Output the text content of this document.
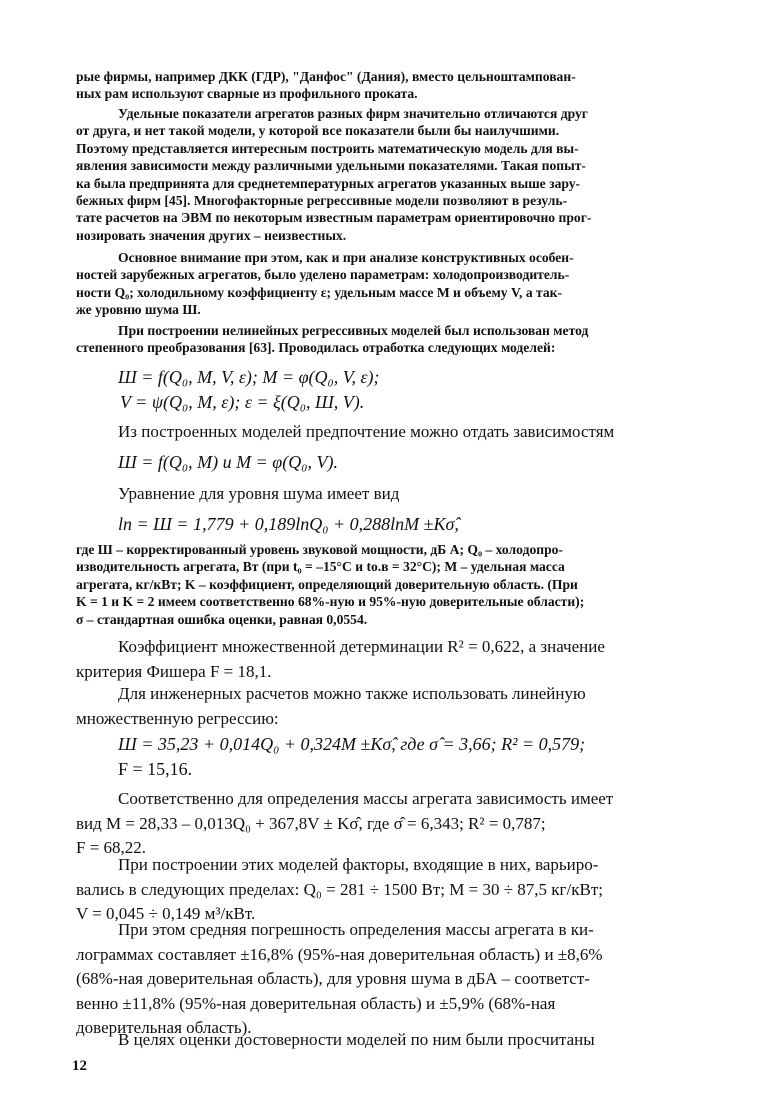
рые фирмы, например ДКК (ГДР), "Данфос" (Дания), вместо цельноштампован-
ных рам используют сварные из профильного проката.

Удельные показатели агрегатов разных фирм значительно отличаются друг
от друга, и нет такой модели, у которой все показатели были бы наилучшими.
Поэтому представляется интересным построить математическую модель для вы-
явления зависимости между различными удельными показателями. Такая попыт-
ка была предпринята для среднетемпературных агрегатов указанных выше зару-
бежных фирм [45]. Многофакторные регрессивные модели позволяют в резуль-
тате расчетов на ЭВМ по некоторым известным параметрам ориентировочно прог-
нозировать значения других – неизвестных.

Основное внимание при этом, как и при анализе конструктивных особен-
ностей зарубежных агрегатов, было уделено параметрам: холодопроизводитель-
ности Q₀; холодильному коэффициенту ε; удельным массе M и объему V, а так-
же уровню шума Ш.

При построении нелинейных регрессивных моделей был использован метод
степенного преобразования [63]. Проводилась отработка следующих моделей:

Ш = f(Q₀, M, V, ε); M = φ(Q₀, V, ε);
V = ψ(Q₀, M, ε); ε = ξ(Q₀, Ш, V).

Из построенных моделей предпочтение можно отдать зависимостям

Ш = f(Q₀, M) и M = φ(Q₀, V).

Уравнение для уровня шума имеет вид

ln = Ш = 1,779 + 0,189lnQ₀ + 0,288lnM ±Kσ̂,

где Ш – корректированный уровень звуковой мощности, дБ А; Q₀ – холодопро-
изводительность агрегата, Вт (при t₀ = –15°C и tо.в = 32°C); M – удельная масса
агрегата, кг/кВт; K – коэффициент, определяющий доверительную область. (При
K = 1 и K = 2 имеем соответственно 68%-ную и 95%-ную доверительные области);
σ – стандартная ошибка оценки, равная 0,0554.

Коэффициент множественной детерминации R² = 0,622, а значение
критерия Фишера F = 18,1.

Для инженерных расчетов можно также использовать линейную
множественную регрессию:

Ш = 35,23 + 0,014Q₀ + 0,324M ±Kσ̂, где σ̂ = 3,66; R² = 0,579;
F = 15,16.

Соответственно для определения массы агрегата зависимость имеет
вид M = 28,33 – 0,013Q₀ + 367,8V ± Kσ̂, где σ̂ = 6,343; R² = 0,787;
F = 68,22.

При построении этих моделей факторы, входящие в них, варьиро-
вались в следующих пределах: Q₀ = 281 ÷ 1500 Вт; M = 30 ÷ 87,5 кг/кВт;
V = 0,045 ÷ 0,149 м³/кВт.

При этом средняя погрешность определения массы агрегата в ки-
лограммах составляет ±16,8% (95%-ная доверительная область) и ±8,6%
(68%-ная доверительная область), для уровня шума в дБА – соответст-
венно ±11,8% (95%-ная доверительная область) и ±5,9% (68%-ная
доверительная область).

В целях оценки достоверности моделей по ним были просчитаны

12
